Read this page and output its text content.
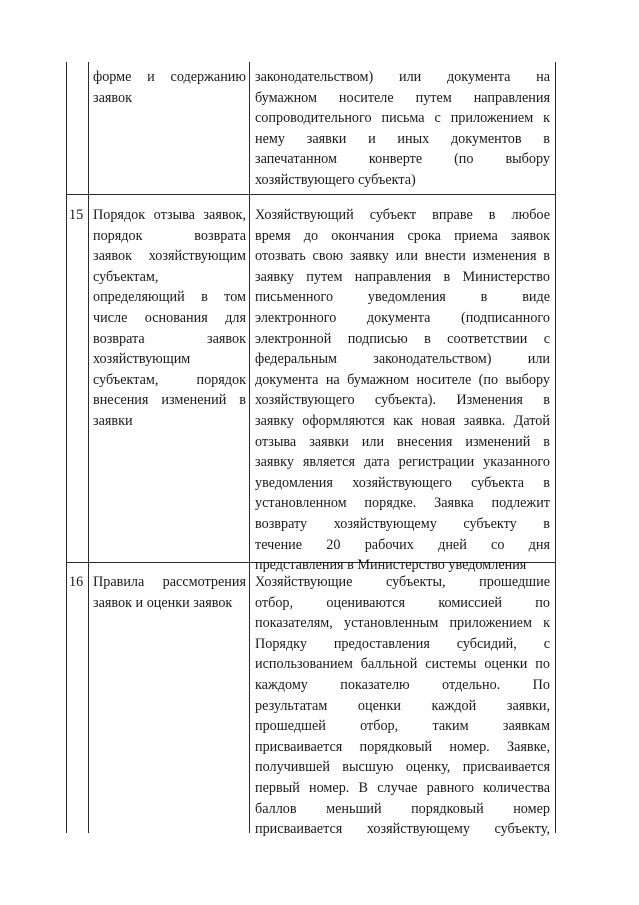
форме и содержанию
заявок
законодательством) или документа на
бумажном носителе путем направления
сопроводительного письма с приложением к
нему заявки и иных документов в
запечатанном конверте (по выбору
хозяйствующего субъекта)
15 Порядок отзыва заявок,
порядок возврата
заявок хозяйствующим
субъектам,
определяющий в том
числе основания для
возврата заявок
хозяйствующим
субъектам, порядок
внесения изменений в
заявки
Хозяйствующий субъект вправе в любое
время до окончания срока приема заявок
отозвать свою заявку или внести изменения в
заявку путем направления в Министерство
письменного уведомления в виде
электронного документа (подписанного
электронной подписью в соответствии с
федеральным законодательством) или
документа на бумажном носителе (по выбору
хозяйствующего субъекта). Изменения в
заявку оформляются как новая заявка. Датой
отзыва заявки или внесения изменений в
заявку является дата регистрации указанного
уведомления хозяйствующего субъекта в
установленном порядке. Заявка подлежит
возврату хозяйствующему субъекту в
течение 20 рабочих дней со дня
представления в Министерство уведомления
16 Правила рассмотрения
заявок и оценки заявок
Хозяйствующие субъекты, прошедшие
отбор, оцениваются комиссией по
показателям, установленным приложением к
Порядку предоставления субсидий, с
использованием балльной системы оценки по
каждому показателю отдельно. По
результатам оценки каждой заявки,
прошедшей отбор, таким заявкам
присваивается порядковый номер. Заявке,
получившей высшую оценку, присваивается
первый номер. В случае равного количества
баллов меньший порядковый номер
присваивается хозяйствующему субъекту,
